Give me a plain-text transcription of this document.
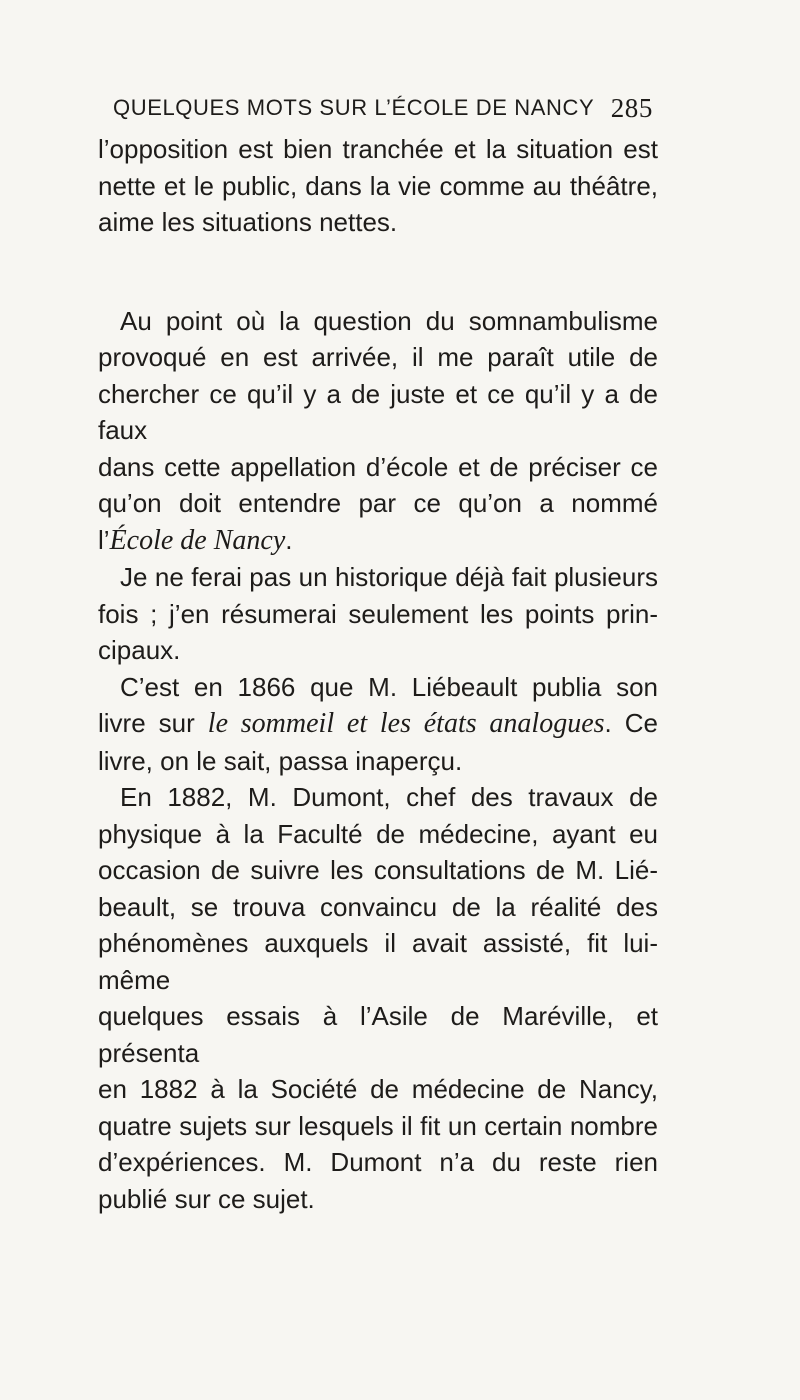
QUELQUES MOTS SUR L’ÉCOLE DE NANCY 285

l’opposition est bien tranchée et la situation est

nette et le public, dans la vie comme au théâtre,

aime les situations nettes.

Au point où la question du somnambulisme

provoqué en est arrivée, il me paraît utile de

chercher ce qu’il y a de juste et ce qu’il y a de faux

dans cette appellation d’école et de préciser ce

qu’on doit entendre par ce qu’on a nommé

l’École de Nancy.

Je ne ferai pas un historique déjà fait plusieurs

fois ; j’en résumerai seulement les points prin-

cipaux.

C’est en 1866 que M. Liébeault publia son

livre sur le sommeil et les états analogues. Ce

livre, on le sait, passa inaperçu.

En 1882, M. Dumont, chef des travaux de

physique à la Faculté de médecine, ayant eu

occasion de suivre les consultations de M. Lié-

beault, se trouva convaincu de la réalité des

phénomènes auxquels il avait assisté, fit lui-même

quelques essais à l’Asile de Maréville, et présenta

en 1882 à la Société de médecine de Nancy,

quatre sujets sur lesquels il fit un certain nombre

d’expériences. M. Dumont n’a du reste rien

publié sur ce sujet.
